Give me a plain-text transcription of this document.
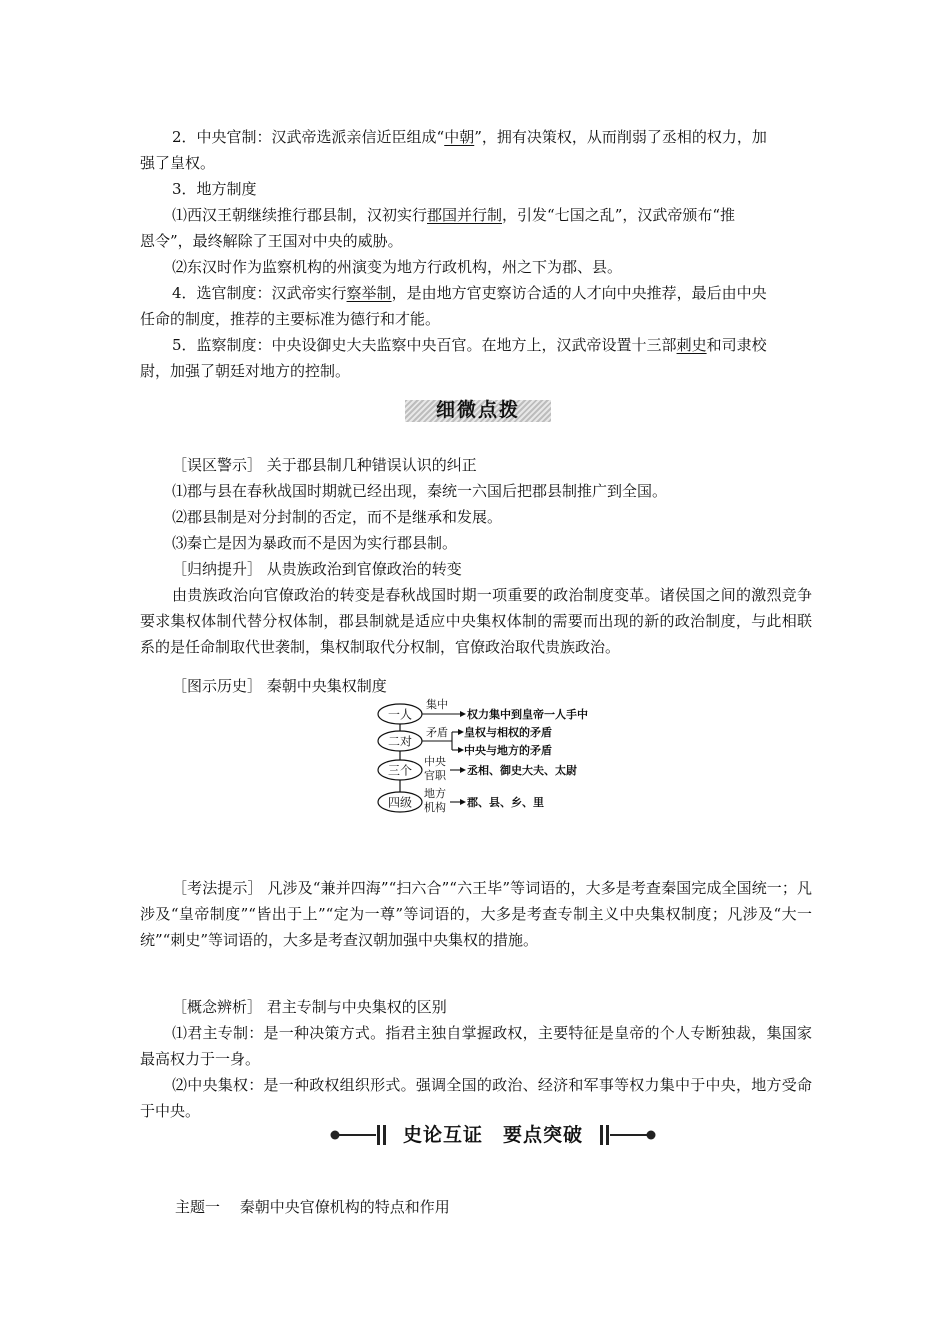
2．中央官制：汉武帝选派亲信近臣组成“中朝”，拥有决策权，从而削弱了丞相的权力，加

强了皇权。

3．地方制度

⑴西汉王朝继续推行郡县制，汉初实行郡国并行制，引发“七国之乱”，汉武帝颁布“推

恩令”，最终解除了王国对中央的威胁。

⑵东汉时作为监察机构的州演变为地方行政机构，州之下为郡、县。

4．选官制度：汉武帝实行察举制，是由地方官吏察访合适的人才向中央推荐，最后由中央

任命的制度，推荐的主要标准为德行和才能。

5．监察制度：中央设御史大夫监察中央百官。在地方上，汉武帝设置十三部刺史和司隶校

尉，加强了朝廷对地方的控制。

细微点拨
［误区警示］ 关于郡县制几种错误认识的纠正
⑴郡与县在春秋战国时期就已经出现，秦统一六国后把郡县制推广到全国。
⑵郡县制是对分封制的否定，而不是继承和发展。
⑶秦亡是因为暴政而不是因为实行郡县制。
［归纳提升］ 从贵族政治到官僚政治的转变
由贵族政治向官僚政治的转变是春秋战国时期一项重要的政治制度变革。诸侯国之间的激烈竞争要求集权体制代替分权体制，郡县制就是适应中央集权体制的需要而出现的新的政治制度，与此相联系的是任命制取代世袭制，集权制取代分权制，官僚政治取代贵族政治。
［图示历史］ 秦朝中央集权制度
一人
二对
三个
四级
集中
权力集中到皇帝一人手中
矛盾 皇权与相权的矛盾
中央与地方的矛盾
中央
官职 丞相、御史大夫、太尉
地方
机构 郡、县、乡、里
［考法提示］ 凡涉及“兼并四海”“扫六合”“六王毕”等词语的，大多是考查秦国完成全国统一；凡涉及“皇帝制度”“皆出于上”“定为一尊”等词语的，大多是考查专制主义中央集权制度；凡涉及“大一统”“刺史”等词语的，大多是考查汉朝加强中央集权的措施。
［概念辨析］ 君主专制与中央集权的区别
⑴君主专制：是一种决策方式。指君主独自掌握政权，主要特征是皇帝的个人专断独裁，集国家最高权力于一身。
⑵中央集权：是一种政权组织形式。强调全国的政治、经济和军事等权力集中于中央，地方受命于中央。
史论互证　要点突破
主题一　 秦朝中央官僚机构的特点和作用
